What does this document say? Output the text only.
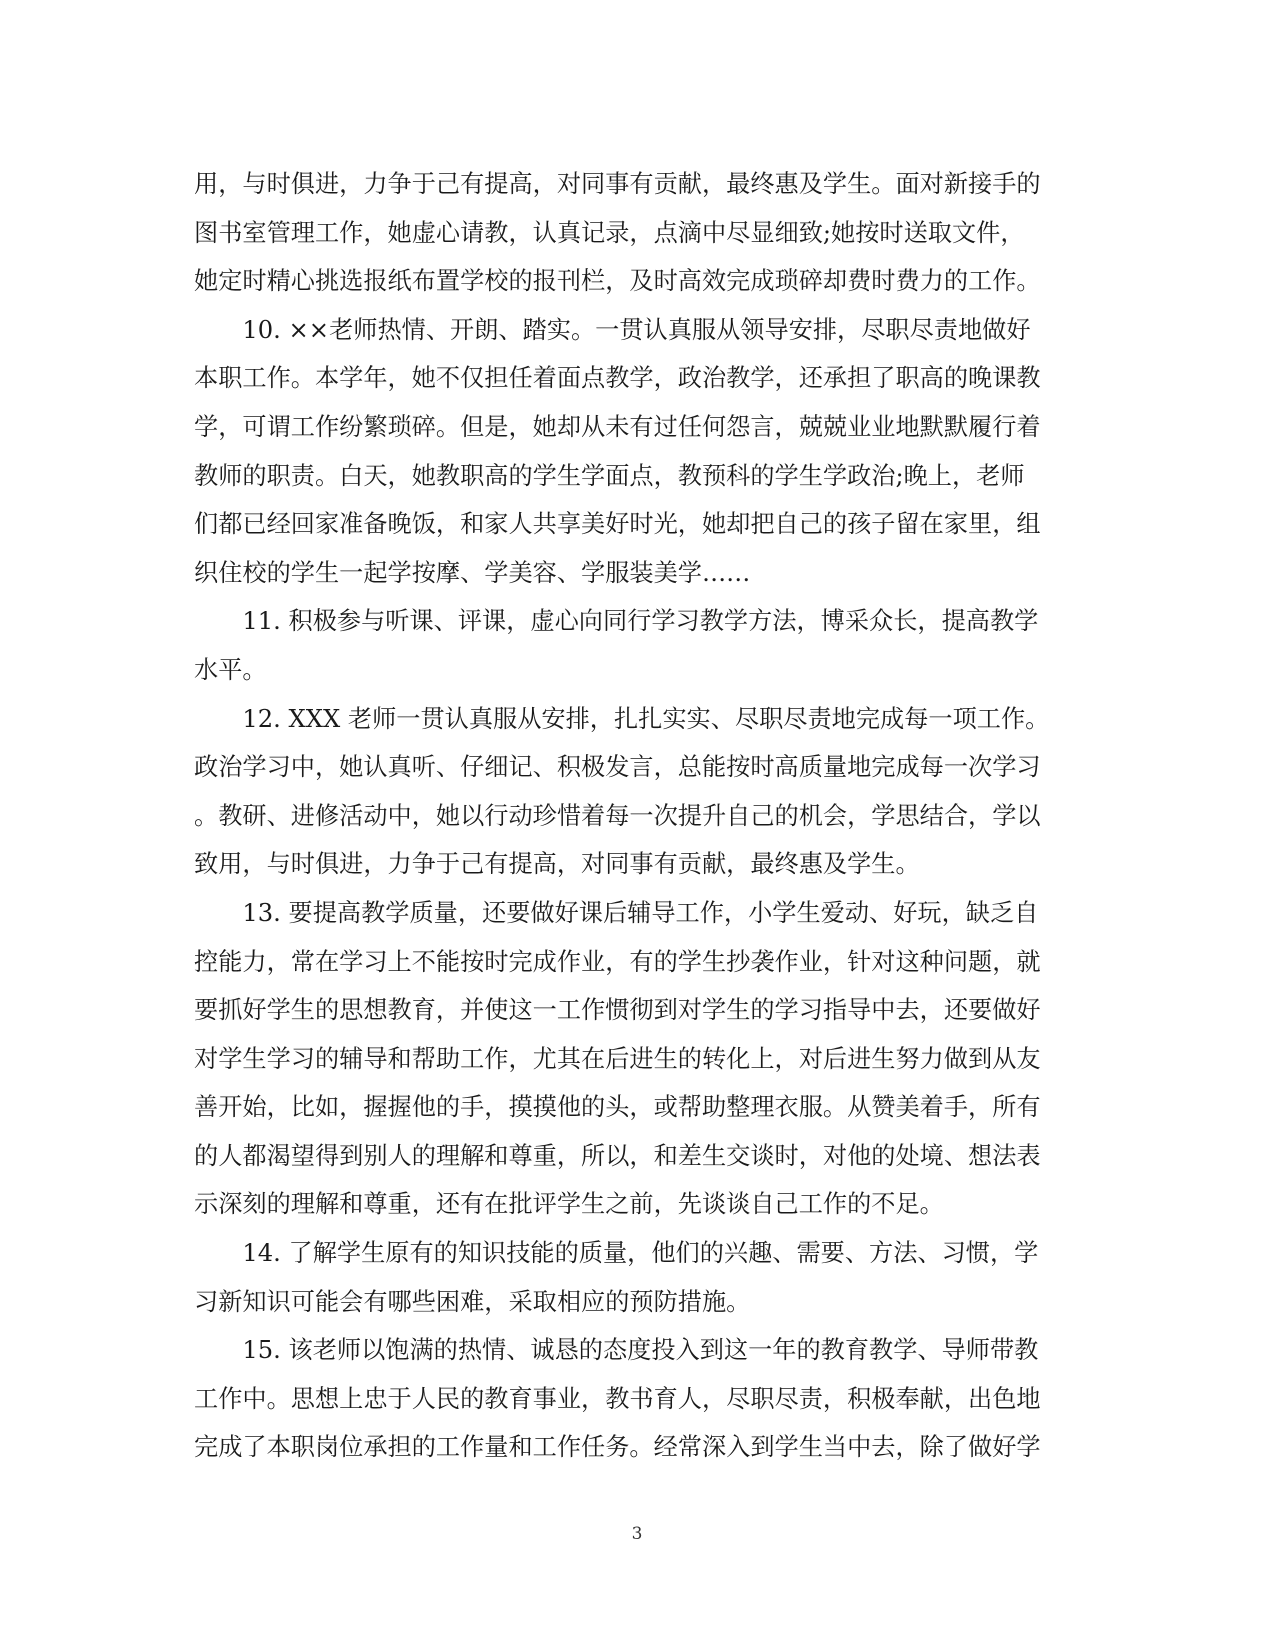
用，与时俱进，力争于己有提高，对同事有贡献，最终惠及学生。面对新接手的
图书室管理工作，她虚心请教，认真记录，点滴中尽显细致;她按时送取文件，
她定时精心挑选报纸布置学校的报刊栏，及时高效完成琐碎却费时费力的工作。
　　10. ××老师热情、开朗、踏实。一贯认真服从领导安排，尽职尽责地做好
本职工作。本学年，她不仅担任着面点教学，政治教学，还承担了职高的晚课教
学，可谓工作纷繁琐碎。但是，她却从未有过任何怨言，兢兢业业地默默履行着
教师的职责。白天，她教职高的学生学面点，教预科的学生学政治;晚上，老师
们都已经回家准备晚饭，和家人共享美好时光，她却把自己的孩子留在家里，组
织住校的学生一起学按摩、学美容、学服装美学……
　　11. 积极参与听课、评课，虚心向同行学习教学方法，博采众长，提高教学
水平。
　　12. XXX 老师一贯认真服从安排，扎扎实实、尽职尽责地完成每一项工作。
政治学习中，她认真听、仔细记、积极发言，总能按时高质量地完成每一次学习
。教研、进修活动中，她以行动珍惜着每一次提升自己的机会，学思结合，学以
致用，与时俱进，力争于己有提高，对同事有贡献，最终惠及学生。
　　13. 要提高教学质量，还要做好课后辅导工作，小学生爱动、好玩，缺乏自
控能力，常在学习上不能按时完成作业，有的学生抄袭作业，针对这种问题，就
要抓好学生的思想教育，并使这一工作惯彻到对学生的学习指导中去，还要做好
对学生学习的辅导和帮助工作，尤其在后进生的转化上，对后进生努力做到从友
善开始，比如，握握他的手，摸摸他的头，或帮助整理衣服。从赞美着手，所有
的人都渴望得到别人的理解和尊重，所以，和差生交谈时，对他的处境、想法表
示深刻的理解和尊重，还有在批评学生之前，先谈谈自己工作的不足。
　　14. 了解学生原有的知识技能的质量，他们的兴趣、需要、方法、习惯，学
习新知识可能会有哪些困难，采取相应的预防措施。
　　15. 该老师以饱满的热情、诚恳的态度投入到这一年的教育教学、导师带教
工作中。思想上忠于人民的教育事业，教书育人，尽职尽责，积极奉献，出色地
完成了本职岗位承担的工作量和工作任务。经常深入到学生当中去，除了做好学
3
